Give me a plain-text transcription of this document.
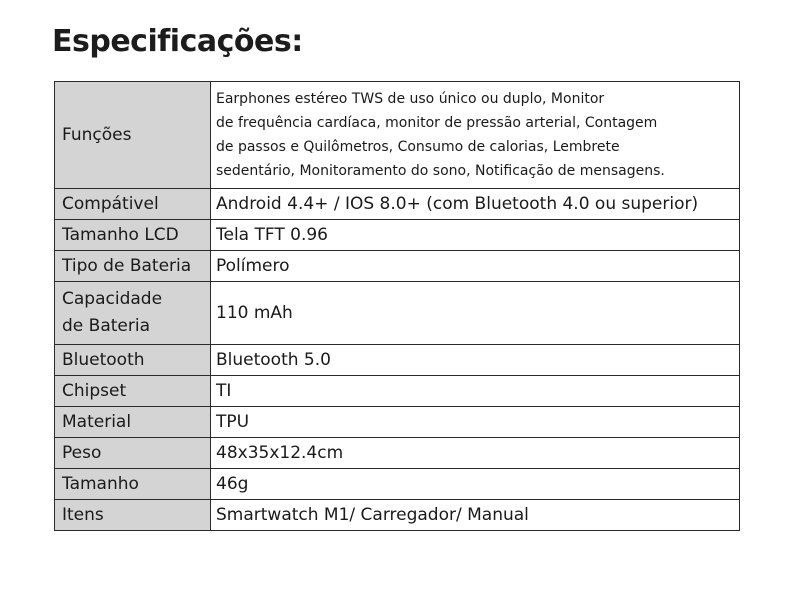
Especificações:
Funções	Earphones estéreo TWS de uso único ou duplo, Monitor
de frequência cardíaca, monitor de pressão arterial, Contagem
de passos e Quilômetros, Consumo de calorias, Lembrete
sedentário, Monitoramento do sono, Notificação de mensagens.

Compátivel	Android 4.4+ / IOS 8.0+ (com Bluetooth 4.0 ou superior)
Tamanho LCD	Tela TFT 0.96
Tipo de Bateria	Polímero

Capacidade
de Bateria	110 mAh
Bluetooth	Bluetooth 5.0
Chipset	TI
Material	TPU
Peso	48x35x12.4cm
Tamanho	46g
Itens	Smartwatch M1/ Carregador/ Manual
